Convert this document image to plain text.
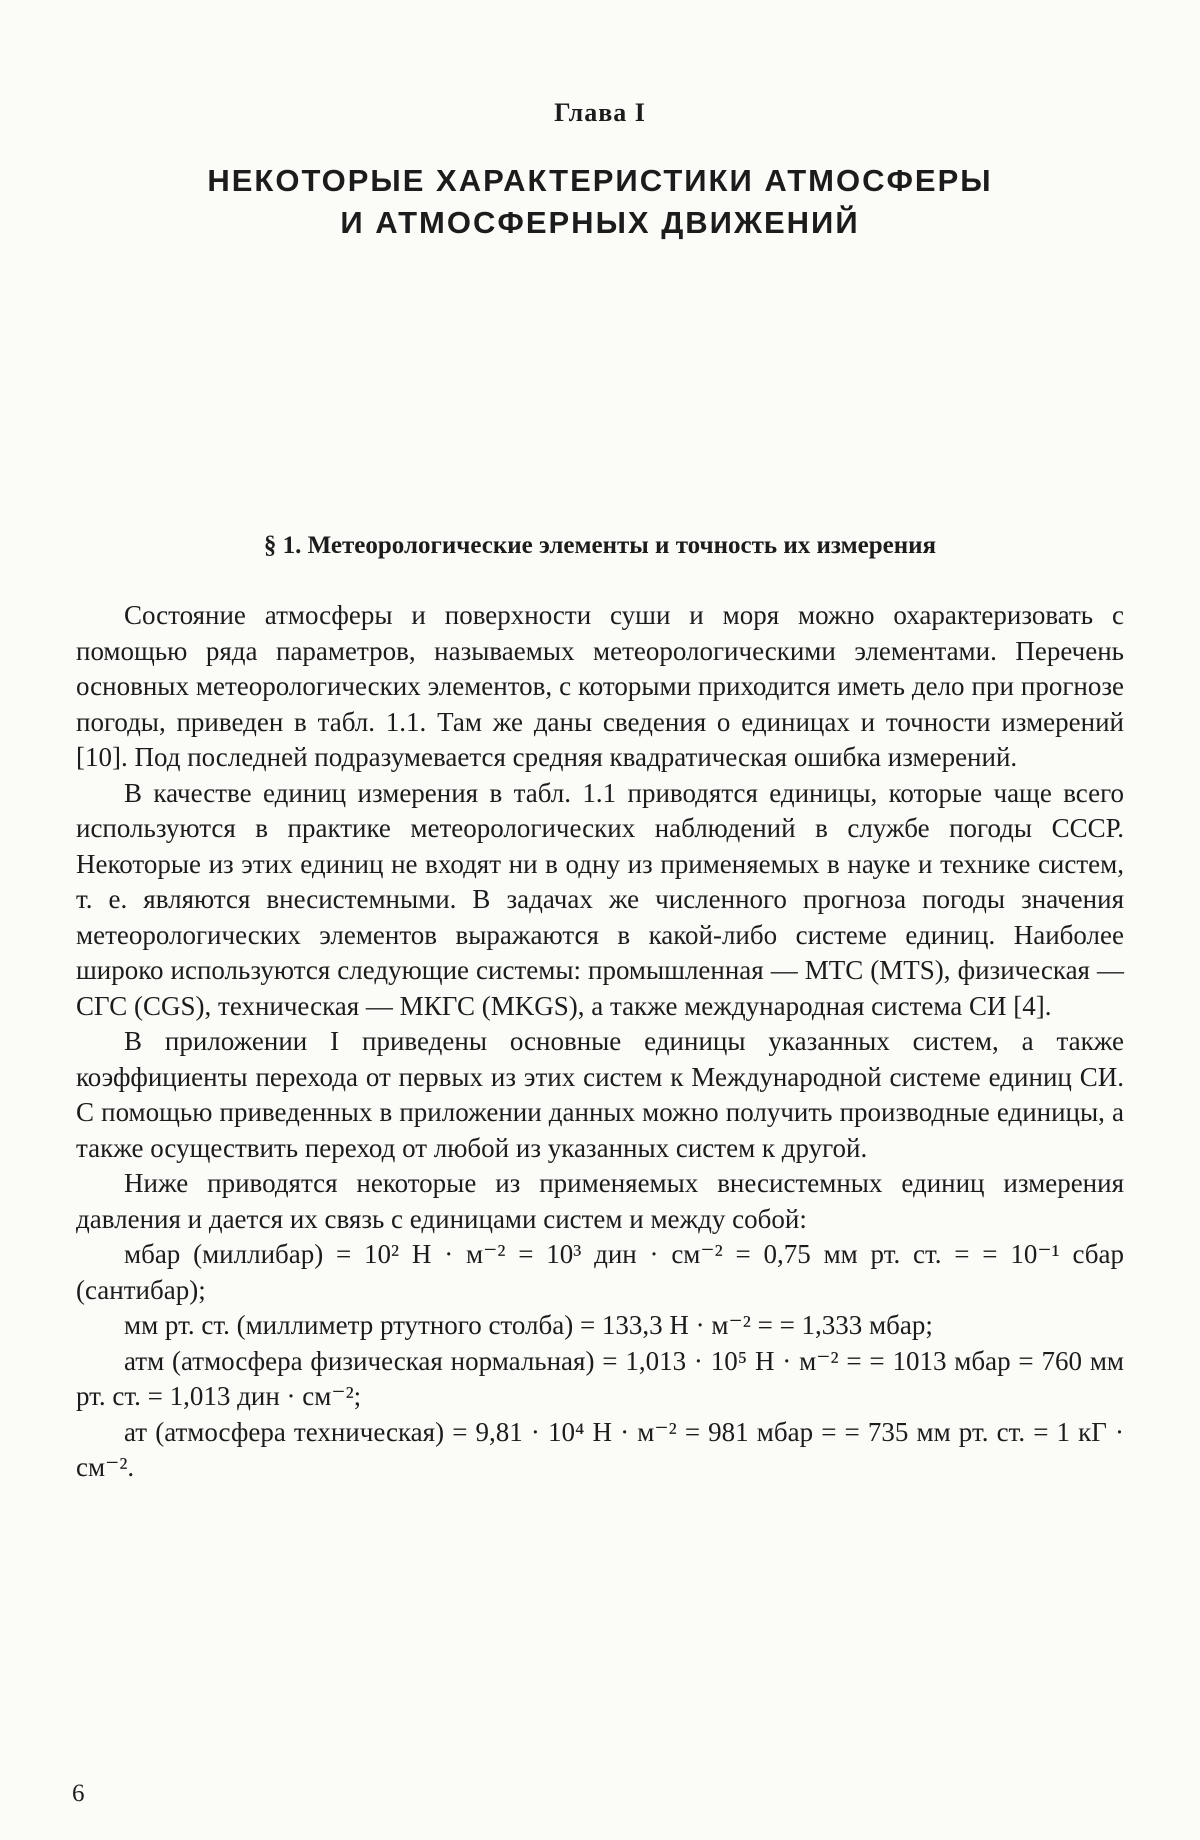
Глава I
НЕКОТОРЫЕ ХАРАКТЕРИСТИКИ АТМОСФЕРЫ
И АТМОСФЕРНЫХ ДВИЖЕНИЙ
§ 1. Метеорологические элементы и точность их измерения

Состояние атмосферы и поверхности суши и моря можно охарактеризовать с помощью ряда параметров, называемых метеорологическими элементами. Перечень основных метеорологических элементов, с которыми приходится иметь дело при прогнозе погоды, приведен в табл. 1.1. Там же даны сведения о единицах и точности измерений [10]. Под последней подразумевается средняя квадратическая ошибка измерений.

В качестве единиц измерения в табл. 1.1 приводятся единицы, которые чаще всего используются в практике метеорологических наблюдений в службе погоды СССР. Некоторые из этих единиц не входят ни в одну из применяемых в науке и технике систем, т. е. являются внесистемными. В задачах же численного прогноза погоды значения метеорологических элементов выражаются в какой-либо системе единиц. Наиболее широко используются следующие системы: промышленная — МТС (MTS), физическая — СГС (CGS), техническая — МКГС (MKGS), а также международная система СИ [4].

В приложении I приведены основные единицы указанных систем, а также коэффициенты перехода от первых из этих систем к Международной системе единиц СИ. С помощью приведенных в приложении данных можно получить производные единицы, а также осуществить переход от любой из указанных систем к другой.

Ниже приводятся некоторые из применяемых внесистемных единиц измерения давления и дается их связь с единицами систем и между собой:

мбар (миллибар) = 10² Н · м⁻² = 10³ дин · см⁻² = 0,75 мм рт. ст. = = 10⁻¹ сбар (сантибар);

мм рт. ст. (миллиметр ртутного столба) = 133,3 Н · м⁻² = = 1,333 мбар;

атм (атмосфера физическая нормальная) = 1,013 · 10⁵ Н · м⁻² = = 1013 мбар = 760 мм рт. ст. = 1,013 дин · см⁻²;

ат (атмосфера техническая) = 9,81 · 10⁴ Н · м⁻² = 981 мбар = = 735 мм рт. ст. = 1 кГ · см⁻².

6
